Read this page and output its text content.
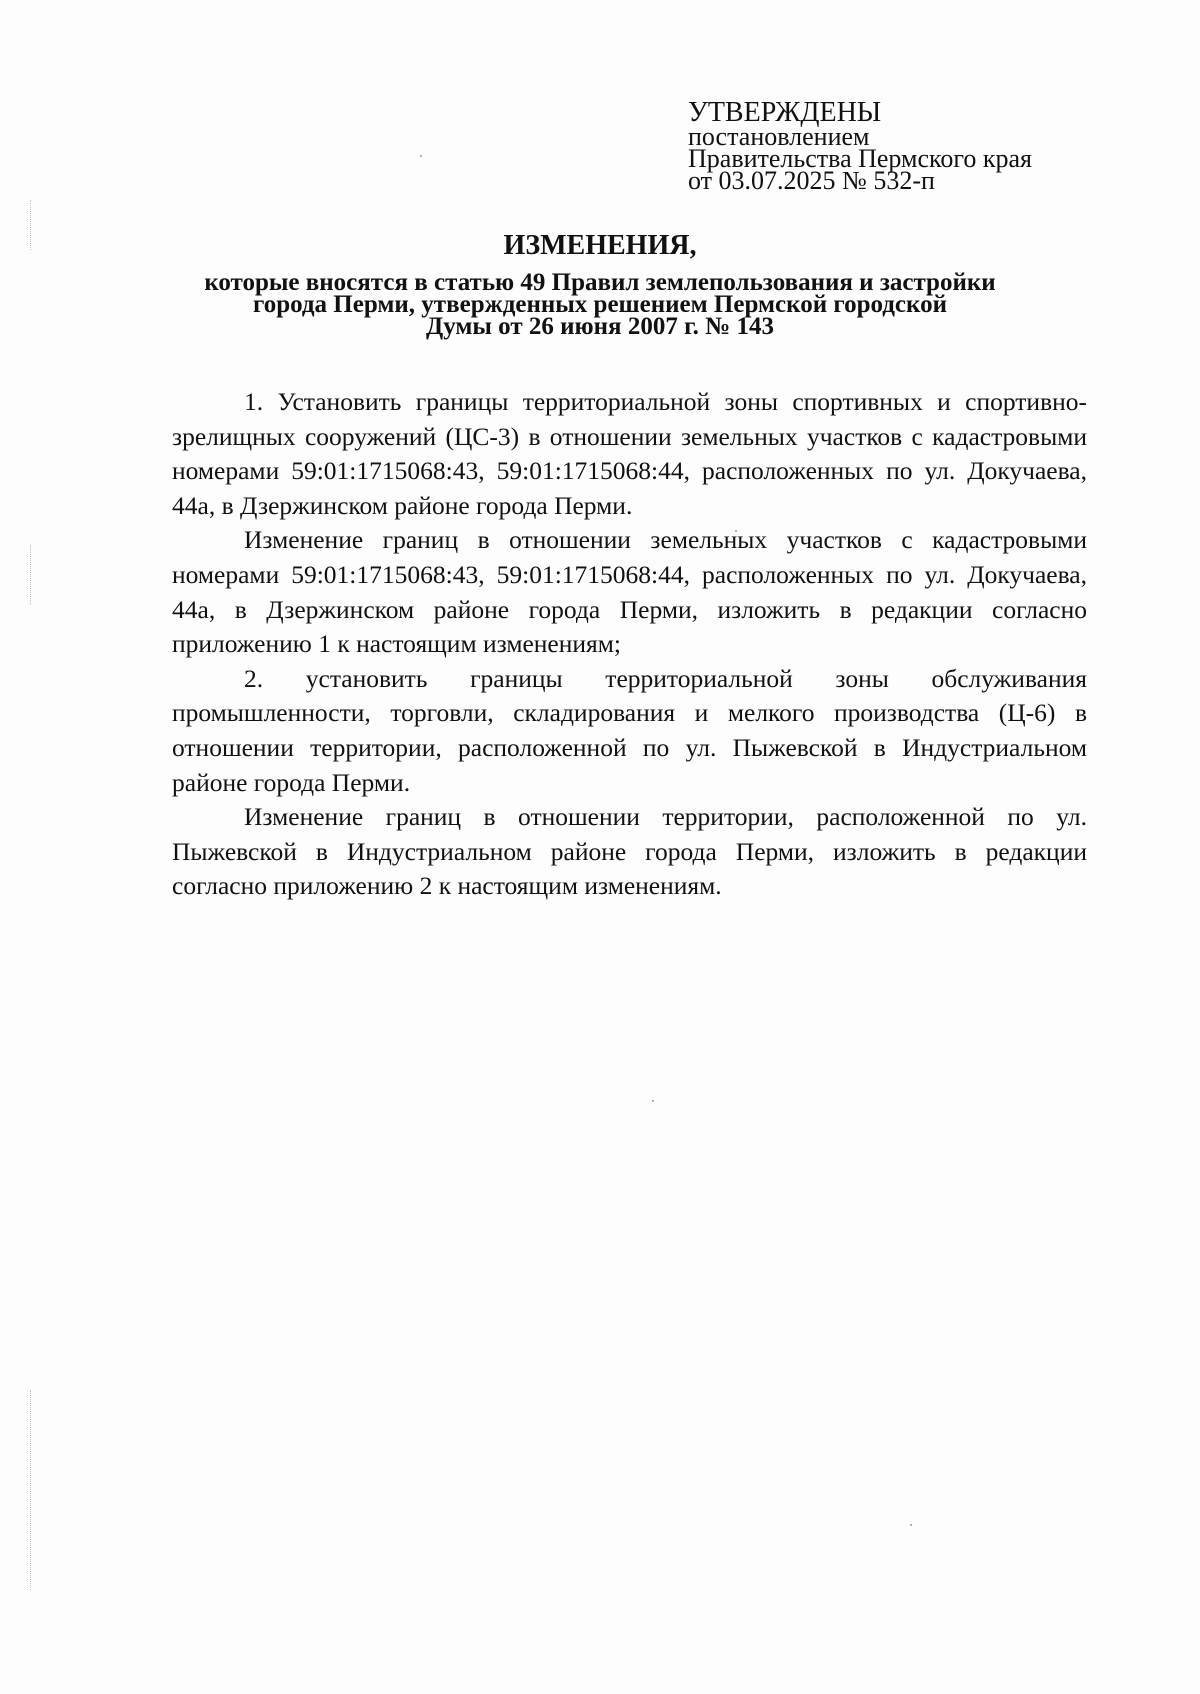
УТВЕРЖДЕНЫ
постановлением
Правительства Пермского края
от 03.07.2025 № 532-п
ИЗМЕНЕНИЯ,
которые вносятся в статью 49 Правил землепользования и застройки
города Перми, утвержденных решением Пермской городской
Думы от 26 июня 2007 г. № 143

1. Установить границы территориальной зоны спортивных и спортивно-зрелищных сооружений (ЦС-3) в отношении земельных участков с кадастровыми номерами 59:01:1715068:43, 59:01:1715068:44, расположенных по ул. Докучаева, 44а, в Дзержинском районе города Перми.

Изменение границ в отношении земельных участков с кадастровыми номерами 59:01:1715068:43, 59:01:1715068:44, расположенных по ул. Докучаева, 44а, в Дзержинском районе города Перми, изложить в редакции согласно приложению 1 к настоящим изменениям;

2. установить границы территориальной зоны обслуживания промышленности, торговли, складирования и мелкого производства (Ц-6) в отношении территории, расположенной по ул. Пыжевской в Индустриальном районе города Перми.

Изменение границ в отношении территории, расположенной по ул. Пыжевской в Индустриальном районе города Перми, изложить в редакции согласно приложению 2 к настоящим изменениям.
